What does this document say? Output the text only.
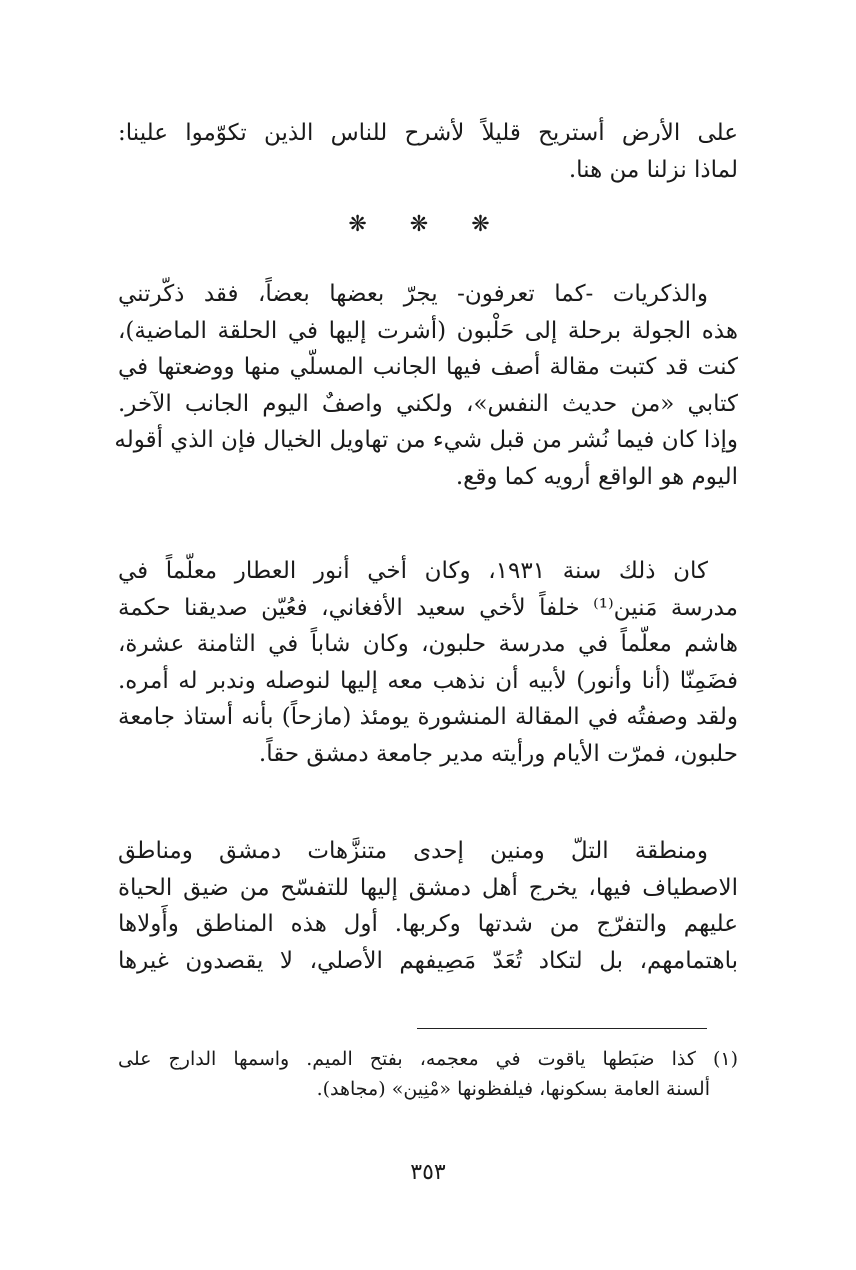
على الأرض أستريح قليلاً لأشرح للناس الذين تكوّموا علينا:
لماذا نزلنا من هنا.
❋ ❋ ❋
والذكريات -كما تعرفون- يجرّ بعضها بعضاً، فقد ذكّرتني
هذه الجولة برحلة إلى حَلْبون (أشرت إليها في الحلقة الماضية)،
كنت قد كتبت مقالة أصف فيها الجانب المسلّي منها ووضعتها في
كتابي «من حديث النفس»، ولكني واصفٌ اليوم الجانب الآخر.
وإذا كان فيما نُشر من قبل شيء من تهاويل الخيال فإن الذي أقوله
اليوم هو الواقع أرويه كما وقع.
كان ذلك سنة ١٩٣١، وكان أخي أنور العطار معلّماً في
مدرسة مَنين⁽¹⁾ خلفاً لأخي سعيد الأفغاني، فعُيّن صديقنا حكمة
هاشم معلّماً في مدرسة حلبون، وكان شاباً في الثامنة عشرة،
فضَمِنّا (أنا وأنور) لأبيه أن نذهب معه إليها لنوصله وندبر له أمره.
ولقد وصفتُه في المقالة المنشورة يومئذ (مازحاً) بأنه أستاذ جامعة
حلبون، فمرّت الأيام ورأيته مدير جامعة دمشق حقاً.
ومنطقة التلّ ومنين إحدى متنزَّهات دمشق ومناطق
الاصطياف فيها، يخرج أهل دمشق إليها للتفسّح من ضيق الحياة
عليهم والتفرّج من شدتها وكربها. أول هذه المناطق وأَولاها
باهتمامهم، بل لتكاد تُعَدّ مَصِيفهم الأصلي، لا يقصدون غيرها
(١) كذا ضبَطها ياقوت في معجمه، بفتح الميم. واسمها الدارج على
ألسنة العامة بسكونها، فيلفظونها «مْنِين» (مجاهد).
٣٥٣
